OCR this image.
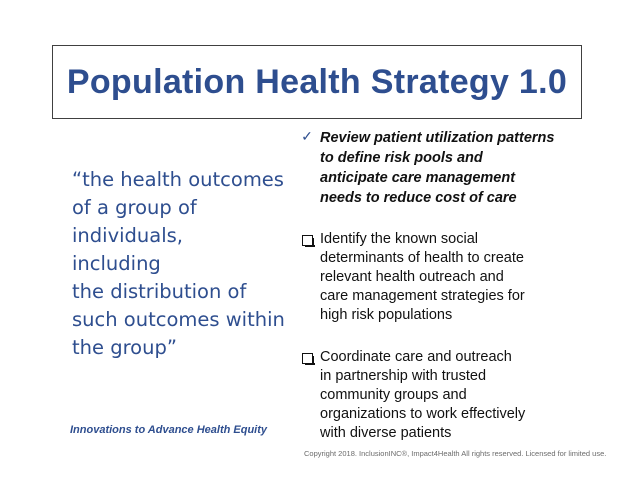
Population Health Strategy 1.0
“the health outcomes
of a group of
individuals,
including
the distribution of
such outcomes within
the group”
Innovations to Advance Health Equity
✓ Review patient utilization patterns
to define risk pools and
anticipate care management
needs to reduce cost of care
Identify the known social
determinants of health to create
relevant health outreach and
care management strategies for
high risk populations
Coordinate care and outreach
in partnership with trusted
community groups and
organizations to work effectively
with diverse patients
Copyright 2018. InclusionINC®, Impact4Health All rights reserved. Licensed for limited use.
